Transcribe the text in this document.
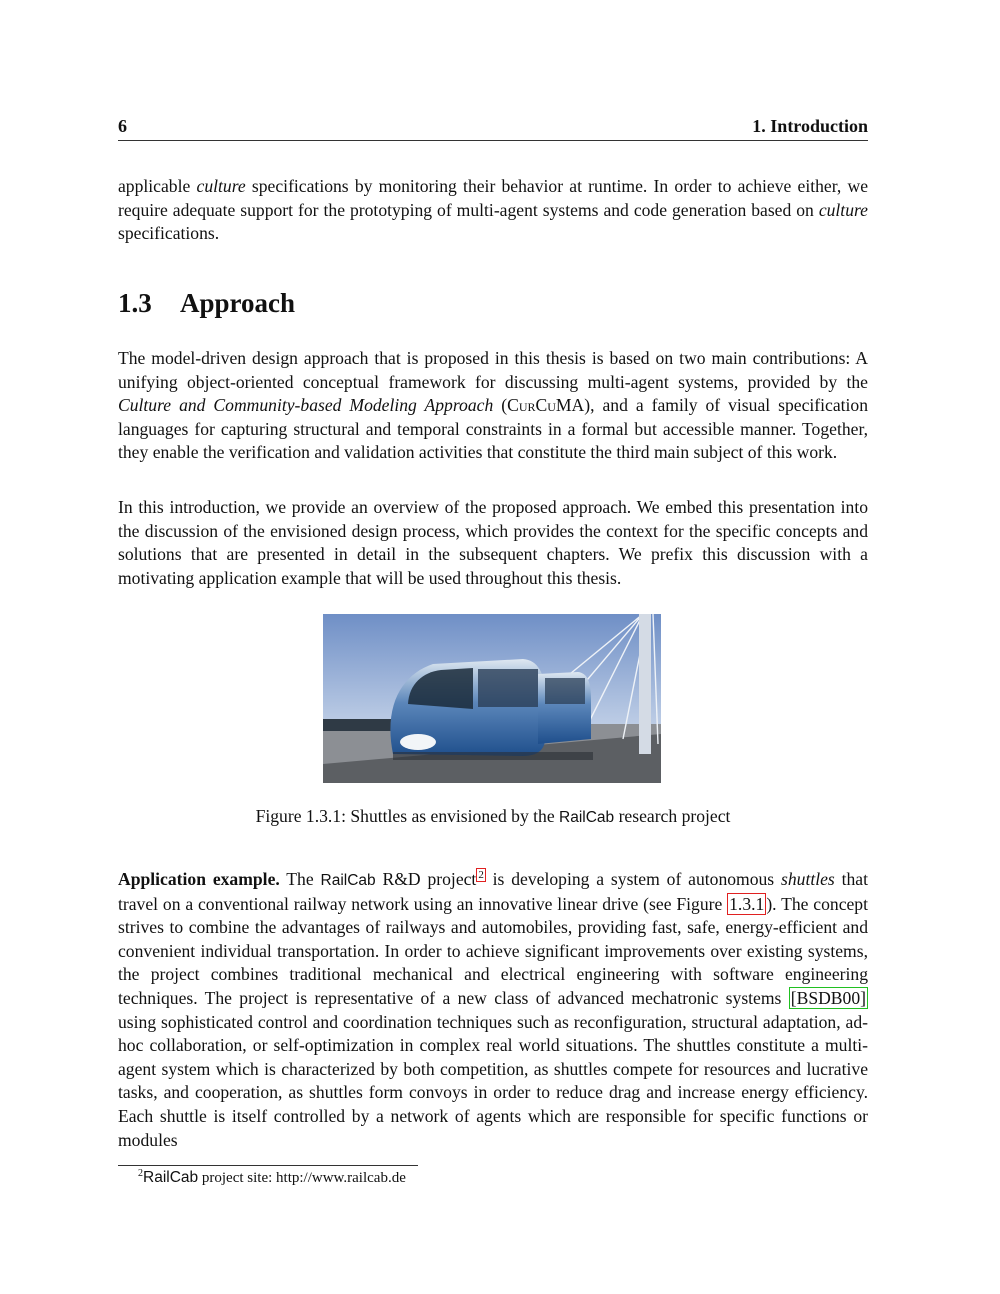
6	1. Introduction

applicable culture specifications by monitoring their behavior at runtime. In order to achieve either, we require adequate support for the prototyping of multi-agent systems and code generation based on culture specifications.

1.3 Approach

The model-driven design approach that is proposed in this thesis is based on two main contributions: A unifying object-oriented conceptual framework for discussing multi-agent systems, provided by the Culture and Community-based Modeling Approach (CurCuMA), and a family of visual specification languages for capturing structural and temporal constraints in a formal but accessible manner. Together, they enable the verification and validation activities that constitute the third main subject of this work.

In this introduction, we provide an overview of the proposed approach. We embed this presentation into the discussion of the envisioned design process, which provides the context for the specific concepts and solutions that are presented in detail in the subsequent chapters. We prefix this discussion with a motivating application example that will be used throughout this thesis.

Figure 1.3.1: Shuttles as envisioned by the RailCab research project

Application example. The RailCab R&D project $^2$ is developing a system of autonomous shuttles that travel on a conventional railway network using an innovative linear drive (see Figure 1.3.1 ). The concept strives to combine the advantages of railways and automobiles, providing fast, safe, energy-efficient and convenient individual transportation. In order to achieve significant improvements over existing systems, the project combines traditional mechanical and electrical engineering with software engineering techniques. The project is representative of a new class of advanced mechatronic systems [BSDB00] using sophisticated control and coordination techniques such as reconfiguration, structural adaptation, ad-hoc collaboration, or self-optimization in complex real world situations. The shuttles constitute a multi-agent system which is characterized by both competition, as shuttles compete for resources and lucrative tasks, and cooperation, as shuttles form convoys in order to reduce drag and increase energy efficiency. Each shuttle is itself controlled by a network of agents which are responsible for specific functions or modules

$^2$RailCab project site: http://www.railcab.de
